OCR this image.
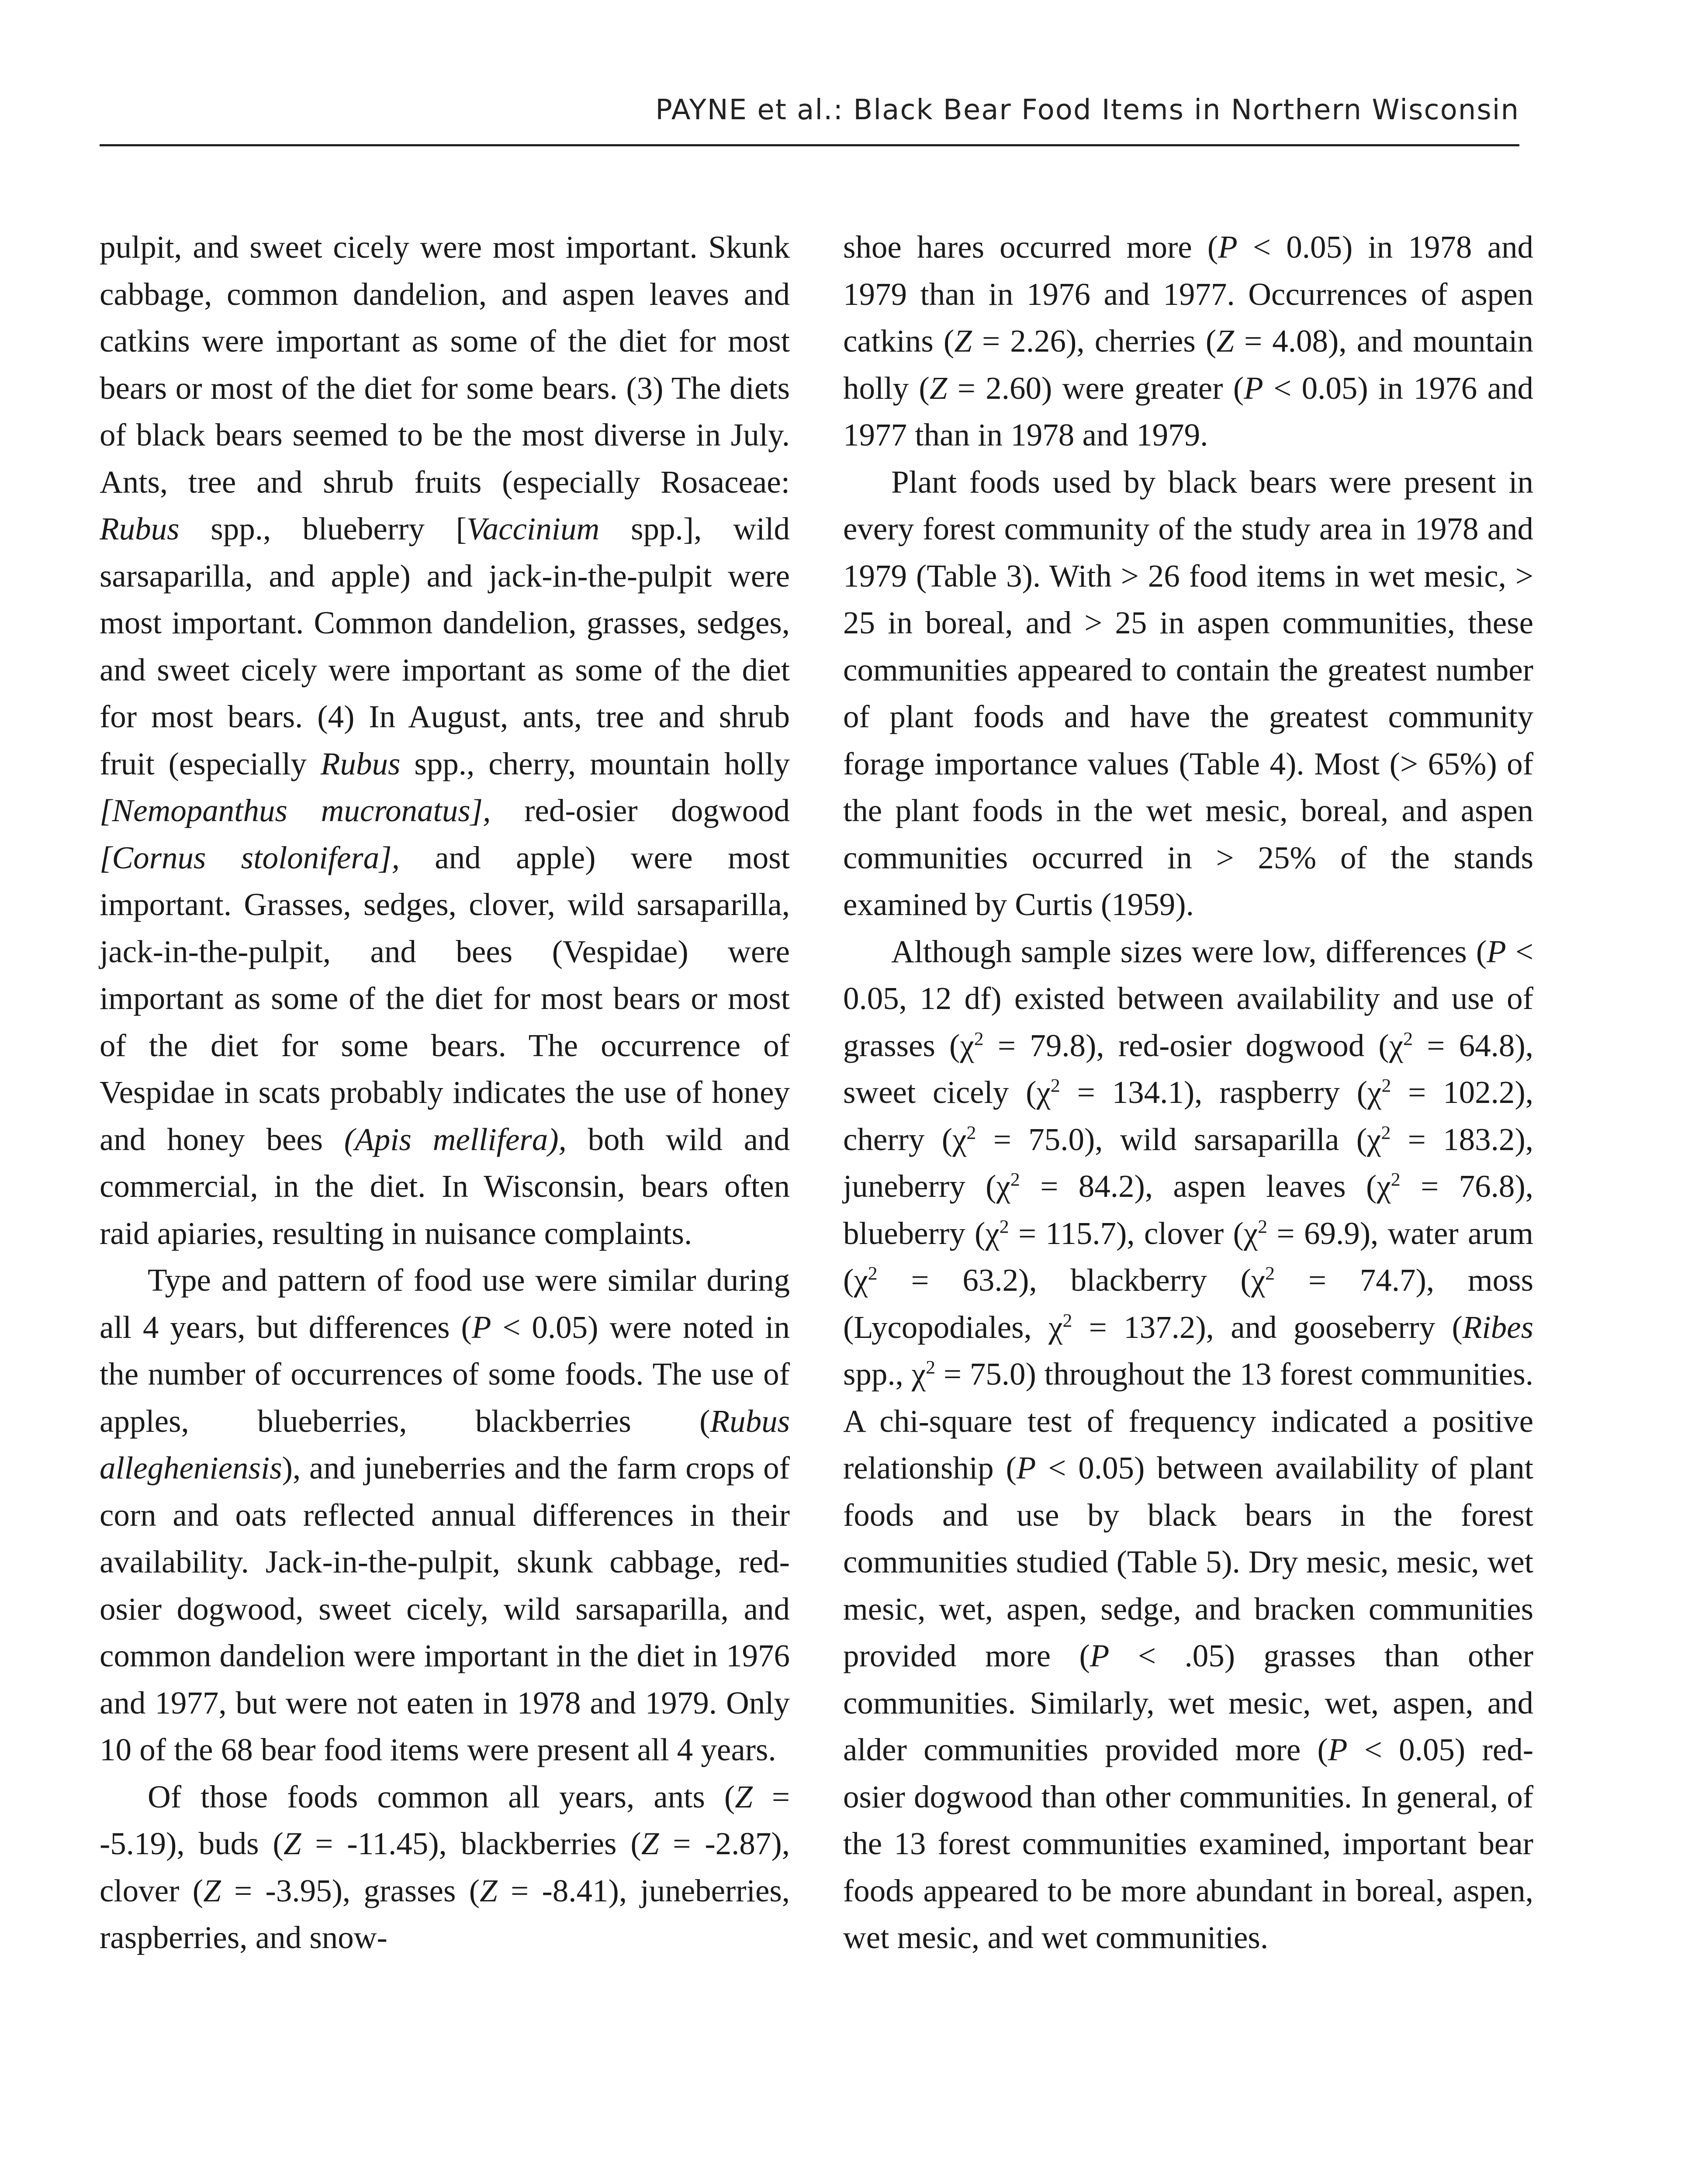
PAYNE et al.: Black Bear Food Items in Northern Wisconsin

pulpit, and sweet cicely were most important. Skunk cabbage, common dandelion, and aspen leaves and catkins were important as some of the diet for most bears or most of the diet for some bears. (3) The diets of black bears seemed to be the most diverse in July. Ants, tree and shrub fruits (especially Rosaceae: Rubus spp., blueberry [Vaccinium spp.], wild sarsaparilla, and apple) and jack-in-the-pulpit were most important. Common dandelion, grasses, sedges, and sweet cicely were important as some of the diet for most bears. (4) In August, ants, tree and shrub fruit (especially Rubus spp., cherry, mountain holly [Nemopanthus mucronatus], red-osier dogwood [Cornus stolonifera], and apple) were most important. Grasses, sedges, clover, wild sarsaparilla, jack-in-the-pulpit, and bees (Vespidae) were important as some of the diet for most bears or most of the diet for some bears. The occurrence of Vespidae in scats probably indicates the use of honey and honey bees (Apis mellifera), both wild and commercial, in the diet. In Wisconsin, bears often raid apiaries, resulting in nuisance complaints.

Type and pattern of food use were similar during all 4 years, but differences (P < 0.05) were noted in the number of occurrences of some foods. The use of apples, blueberries, blackberries (Rubus allegheniensis), and juneberries and the farm crops of corn and oats reflected annual differences in their availability. Jack-in-the-pulpit, skunk cabbage, red-osier dogwood, sweet cicely, wild sarsaparilla, and common dandelion were important in the diet in 1976 and 1977, but were not eaten in 1978 and 1979. Only 10 of the 68 bear food items were present all 4 years.

Of those foods common all years, ants (Z = -5.19), buds (Z = -11.45), blackberries (Z = -2.87), clover (Z = -3.95), grasses (Z = -8.41), juneberries, raspberries, and snow-

shoe hares occurred more (P < 0.05) in 1978 and 1979 than in 1976 and 1977. Occurrences of aspen catkins (Z = 2.26), cherries (Z = 4.08), and mountain holly (Z = 2.60) were greater (P < 0.05) in 1976 and 1977 than in 1978 and 1979.

Plant foods used by black bears were present in every forest community of the study area in 1978 and 1979 (Table 3). With > 26 food items in wet mesic, > 25 in boreal, and > 25 in aspen communities, these communities appeared to contain the greatest number of plant foods and have the greatest community forage importance values (Table 4). Most (> 65%) of the plant foods in the wet mesic, boreal, and aspen communities occurred in > 25% of the stands examined by Curtis (1959).

Although sample sizes were low, differences (P < 0.05, 12 df) existed between availability and use of grasses $(\chi^2 = 79.8)$, red-osier dogwood $(\chi^2 = 64.8)$, sweet cicely $(\chi^2 = 134.1)$, raspberry $(\chi^2 = 102.2)$, cherry $(\chi^2 = 75.0)$, wild sarsaparilla $(\chi^2 = 183.2)$, juneberry $(\chi^2 = 84.2)$, aspen leaves $(\chi^2 = 76.8)$, blueberry $(\chi^2 = 115.7)$, clover $(\chi^2 = 69.9)$, water arum $(\chi^2 = 63.2)$, blackberry $(\chi^2 = 74.7)$, moss (Lycopodiales, $\chi^2 = 137.2$), and gooseberry (Ribes spp., $\chi^2 = 75.0$) throughout the 13 forest communities. A chi-square test of frequency indicated a positive relationship (P < 0.05) between availability of plant foods and use by black bears in the forest communities studied (Table 5). Dry mesic, mesic, wet mesic, wet, aspen, sedge, and bracken communities provided more (P < .05) grasses than other communities. Similarly, wet mesic, wet, aspen, and alder communities provided more (P < 0.05) red-osier dogwood than other communities. In general, of the 13 forest communities examined, important bear foods appeared to be more abundant in boreal, aspen, wet mesic, and wet communities.
